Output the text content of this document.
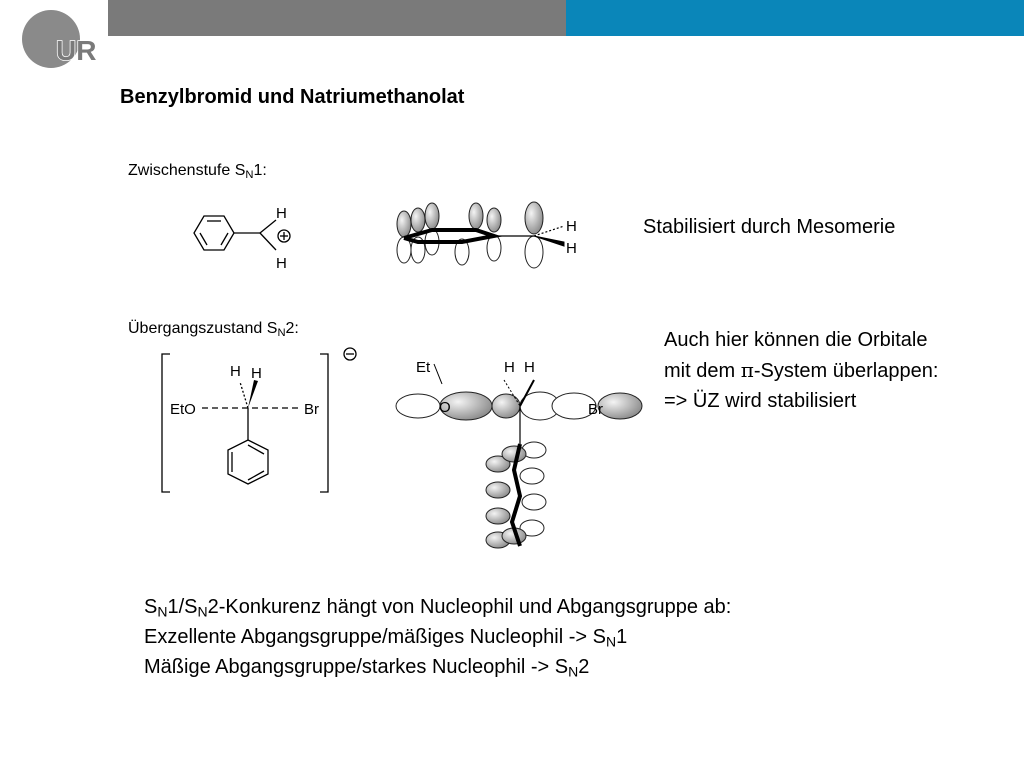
UR
Benzylbromid und Natriumethanolat
Zwischenstufe $S_N1$:
H
H
H
H
Stabilisiert durch Mesomerie
Übergangszustand $S_N2$:
H H
EtO	Br
Et
O
H H
Br
Auch hier können die Orbitale
mit dem π-System überlappen:
=> ÜZ wird stabilisiert
$S_N1/S_N2$-Konkurenz hängt von Nucleophil und Abgangsgruppe ab:
Exzellente Abgangsgruppe/mäßiges Nucleophil -> $S_N1$
Mäßige Abgangsgruppe/starkes Nucleophil -> $S_N2$
